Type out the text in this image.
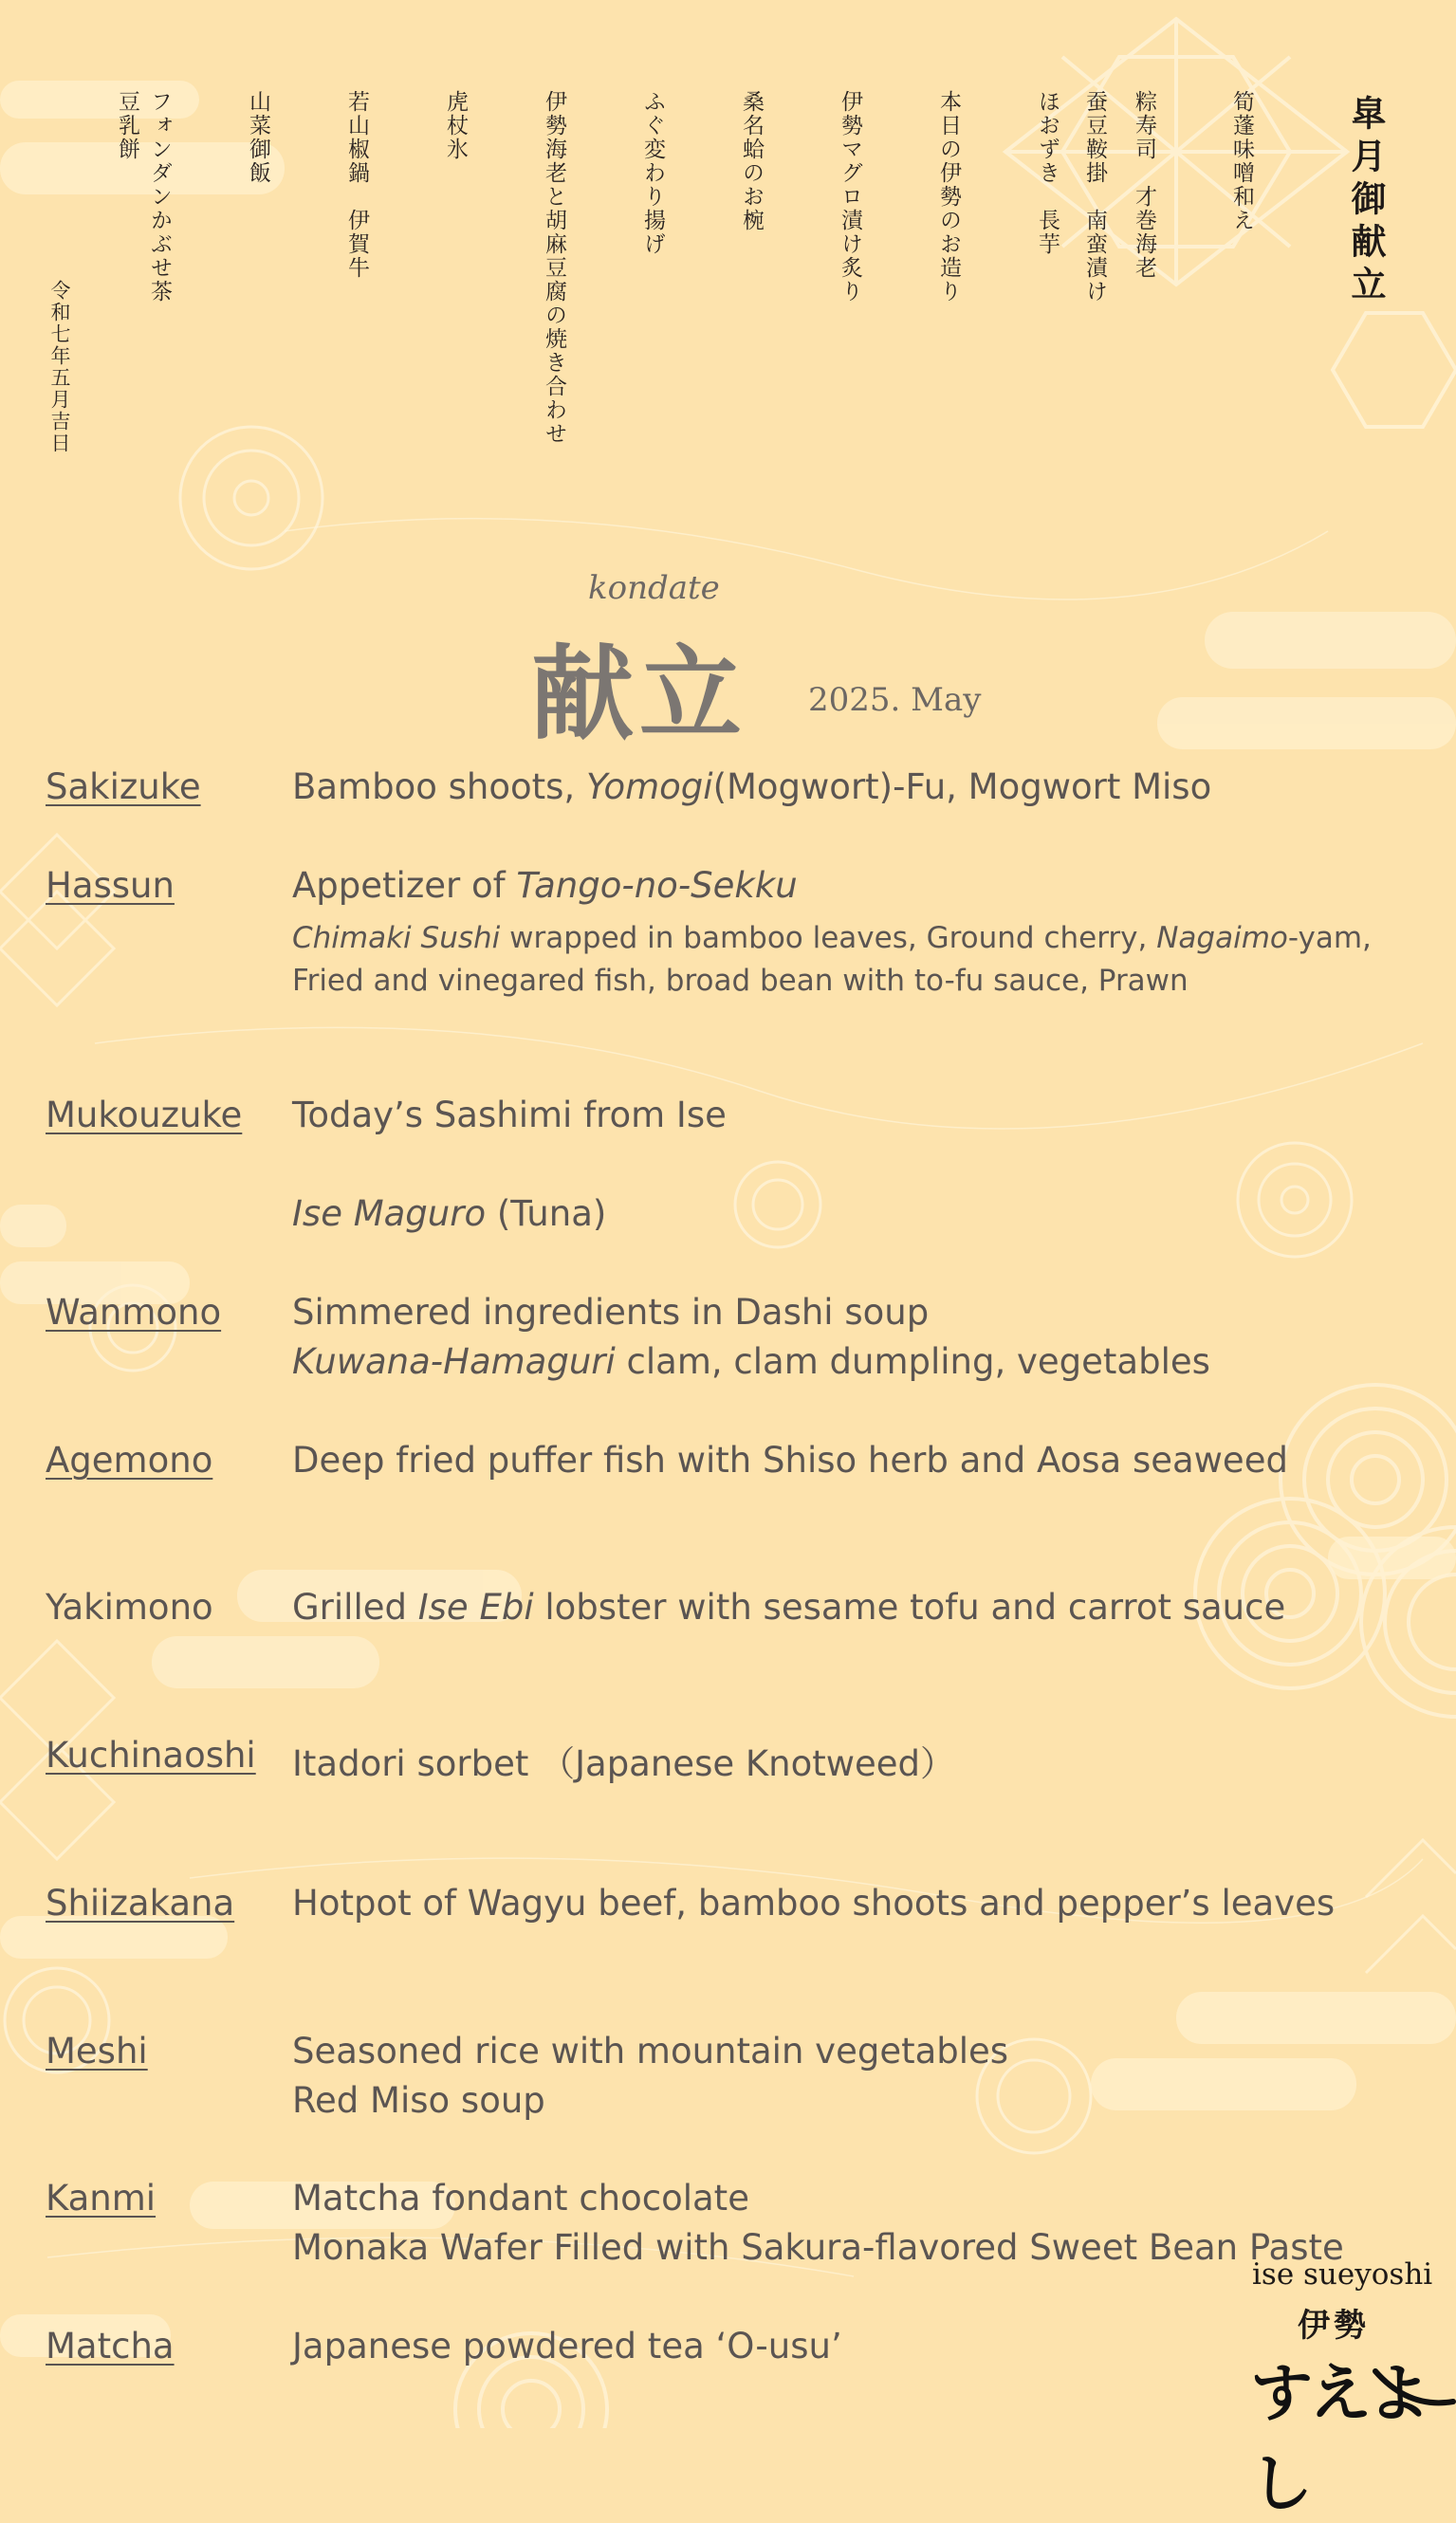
皐月御献立
筍蓬味噌和え
粽寿司　才巻海老
蚕豆鞍掛　南蛮漬け
ほおずき　長芋
本日の伊勢のお造り
伊勢マグロ漬け炙り
桑名蛤のお椀
ふぐ変わり揚げ
伊勢海老と胡麻豆腐の焼き合わせ
虎杖氷
若山椒鍋　伊賀牛
山菜御飯
フォンダンかぶせ茶
豆乳餅
令和七年五月吉日
kondate
献立 2025. May
Sakizuke	Bamboo shoots, Yomogi(Mogwort)-Fu, Mogwort Miso
Hassun	Appetizer of Tango-no-Sekku
Chimaki Sushi wrapped in bamboo leaves, Ground cherry, Nagaimo-yam,
Fried and vinegared fish, broad bean with to-fu sauce, Prawn
Mukouzuke Today’s Sashimi from Ise
Ise Maguro (Tuna)
Wanmono Simmered ingredients in Dashi soup
Kuwana-Hamaguri clam, clam dumpling, vegetables
Agemono Deep fried puffer fish with Shiso herb and Aosa seaweed
Yakimono Grilled Ise Ebi lobster with sesame tofu and carrot sauce
Kuchinaoshi Itadori sorbet （Japanese Knotweed）
Shiizakana Hotpot of Wagyu beef, bamboo shoots and pepper’s leaves
Meshi	Seasoned rice with mountain vegetables
Red Miso soup
Kanmi	Matcha fondant chocolate
Monaka Wafer Filled with Sakura-flavored Sweet Bean Paste
Matcha	Japanese powdered tea ‘O-usu’
ise sueyoshi
伊勢
すえよし
